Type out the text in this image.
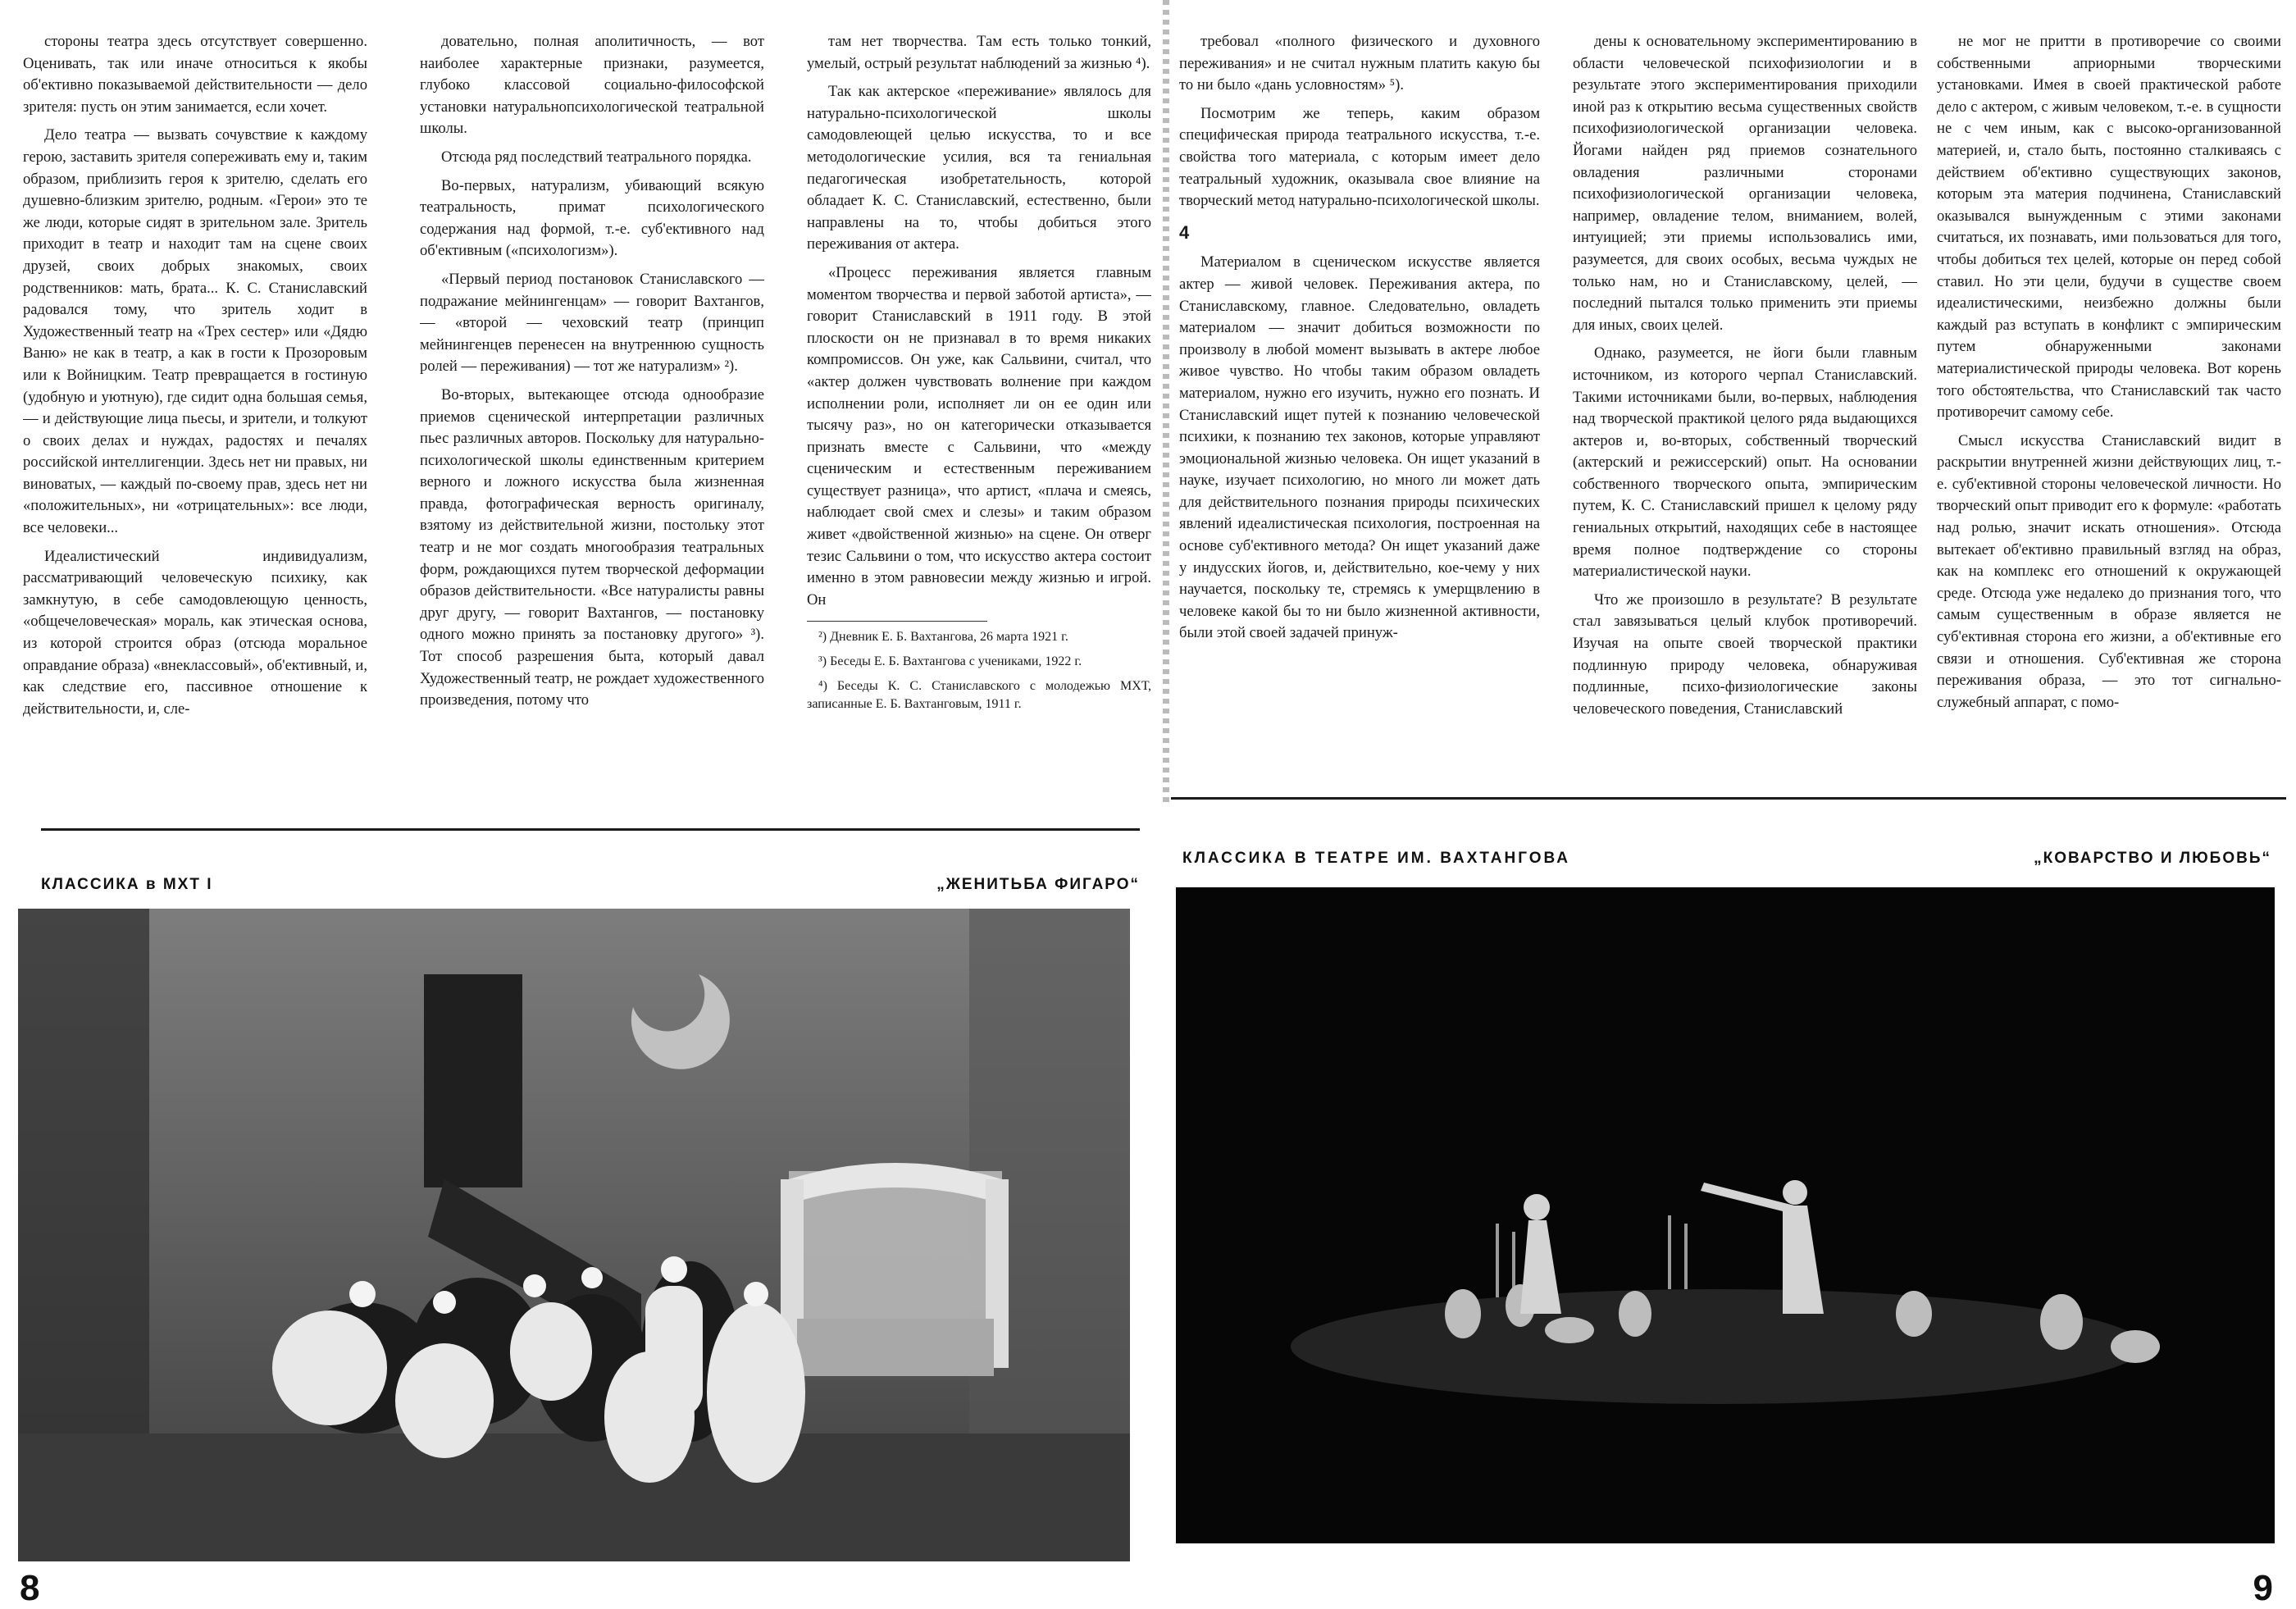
стороны театра здесь отсутствует совершенно. Оценивать, так или иначе относиться к якобы об'ективно показываемой действительности — дело зрителя: пусть он этим занимается, если хочет.

Дело театра — вызвать сочувствие к каждому герою, заставить зрителя сопереживать ему и, таким образом, приблизить героя к зрителю, сделать его душевно-близким зрителю, родным. «Герои» это те же люди, которые сидят в зрительном зале. Зритель приходит в театр и находит там на сцене своих друзей, своих добрых знакомых, своих родственников: мать, брата... К. С. Станиславский радовался тому, что зритель ходит в Художественный театр на «Трех сестер» или «Дядю Ваню» не как в театр, а как в гости к Прозоровым или к Войницким. Театр превращается в гостиную (удобную и уютную), где сидит одна большая семья, — и действующие лица пьесы, и зрители, и толкуют о своих делах и нуждах, радостях и печалях российской интеллигенции. Здесь нет ни правых, ни виноватых, — каждый по-своему прав, здесь нет ни «положительных», ни «отрицательных»: все люди, все человеки...

Идеалистический индивидуализм, рассматривающий человеческую психику, как замкнутую, в себе самодовлеющую ценность, «общечеловеческая» мораль, как этическая основа, из которой строится образ (отсюда моральное оправдание образа) «внеклассовый», об'ективный, и, как следствие его, пассивное отношение к действительности, и, сле-

довательно, полная аполитичность, — вот наиболее характерные признаки, разумеется, глубоко классовой социально-философской установки натуральнопсихологической театральной школы.

Отсюда ряд последствий театрального порядка.

Во-первых, натурализм, убивающий всякую театральность, примат психологического содержания над формой, т.-е. суб'ективного над об'ективным («психологизм»).

«Первый период постановок Станиславского — подражание мейнингенцам» — говорит Вахтангов, — «второй — чеховский театр (принцип мейнингенцев перенесен на внутреннюю сущность ролей — переживания) — тот же натурализм» ²).

Во-вторых, вытекающее отсюда однообразие приемов сценической интерпретации различных пьес различных авторов. Поскольку для натурально-психологической школы единственным критерием верного и ложного искусства была жизненная правда, фотографическая верность оригиналу, взятому из действительной жизни, постольку этот театр и не мог создать многообразия театральных форм, рождающихся путем творческой деформации образов действительности. «Все натуралисты равны друг другу, — говорит Вахтангов, — постановку одного можно принять за постановку другого» ³). Тот способ разрешения быта, который давал Художественный театр, не рождает художественного произведения, потому что

там нет творчества. Там есть только тонкий, умелый, острый результат наблюдений за жизнью ⁴).

Так как актерское «переживание» являлось для натурально-психологической школы самодовлеющей целью искусства, то и все методологические усилия, вся та гениальная педагогическая изобретательность, которой обладает К. С. Станиславский, естественно, были направлены на то, чтобы добиться этого переживания от актера.

«Процесс переживания является главным моментом творчества и первой заботой артиста», — говорит Станиславский в 1911 году. В этой плоскости он не признавал в то время никаких компромиссов. Он уже, как Сальвини, считал, что «актер должен чувствовать волнение при каждом исполнении роли, исполняет ли он ее один или тысячу раз», но он категорически отказывается признать вместе с Сальвини, что «между сценическим и естественным переживанием существует разница», что артист, «плача и смеясь, наблюдает свой смех и слезы» и таким образом живет «двойственной жизнью» на сцене. Он отверг тезис Сальвини о том, что искусство актера состоит именно в этом равновесии между жизнью и игрой. Он

²) Дневник Е. Б. Вахтангова, 26 марта 1921 г.

³) Беседы Е. Б. Вахтангова с учениками, 1922 г.

⁴) Беседы К. С. Станиславского с молодежью МХТ, записанные Е. Б. Вахтанговым, 1911 г.

КЛАССИКА в МХТ I	„ЖЕНИТЬБА ФИГАРО“
8

требовал «полного физического и духовного переживания» и не считал нужным платить какую бы то ни было «дань условностям» ⁵).

Посмотрим же теперь, каким образом специфическая природа театрального искусства, т.-е. свойства того материала, с которым имеет дело театральный художник, оказывала свое влияние на творческий метод натурально-психологической школы.

4

Материалом в сценическом искусстве является актер — живой человек. Переживания актера, по Станиславскому, главное. Следовательно, овладеть материалом — значит добиться возможности по произволу в любой момент вызывать в актере любое живое чувство. Но чтобы таким образом овладеть материалом, нужно его изучить, нужно его познать. И Станиславский ищет путей к познанию человеческой психики, к познанию тех законов, которые управляют эмоциональной жизнью человека. Он ищет указаний в науке, изучает психологию, но много ли может дать для действительного познания природы психических явлений идеалистическая психология, построенная на основе суб'ективного метода? Он ищет указаний даже у индусских йогов, и, действительно, кое-чему у них научается, поскольку те, стремясь к умерщвлению в человеке какой бы то ни было жизненной активности, были этой своей задачей принуж-

дены к основательному экспериментированию в области человеческой психофизиологии и в результате этого экспериментирования приходили иной раз к открытию весьма существенных свойств психофизиологической организации человека. Йогами найден ряд приемов сознательного овладения различными сторонами психофизиологической организации человека, например, овладение телом, вниманием, волей, интуицией; эти приемы использовались ими, разумеется, для своих особых, весьма чуждых не только нам, но и Станиславскому, целей, — последний пытался только применить эти приемы для иных, своих целей.

Однако, разумеется, не йоги были главным источником, из которого черпал Станиславский. Такими источниками были, во-первых, наблюдения над творческой практикой целого ряда выдающихся актеров и, во-вторых, собственный творческий (актерский и режиссерский) опыт. На основании собственного творческого опыта, эмпирическим путем, К. С. Станиславский пришел к целому ряду гениальных открытий, находящих себе в настоящее время полное подтверждение со стороны материалистической науки.

Что же произошло в результате? В результате стал завязываться целый клубок противоречий. Изучая на опыте своей творческой практики подлинную природу человека, обнаруживая подлинные, психо-физиологические законы человеческого поведения, Станиславский

не мог не притти в противоречие со своими собственными априорными творческими установками. Имея в своей практической работе дело с актером, с живым человеком, т.-е. в сущности не с чем иным, как с высоко-организованной материей, и, стало быть, постоянно сталкиваясь с действием об'ективно существующих законов, которым эта материя подчинена, Станиславский оказывался вынужденным с этими законами считаться, их познавать, ими пользоваться для того, чтобы добиться тех целей, которые он перед собой ставил. Но эти цели, будучи в существе своем идеалистическими, неизбежно должны были каждый раз вступать в конфликт с эмпирическим путем обнаруженными законами материалистической природы человека. Вот корень того обстоятельства, что Станиславский так часто противоречит самому себе.

Смысл искусства Станиславский видит в раскрытии внутренней жизни действующих лиц, т.-е. суб'ективной стороны человеческой личности. Но творческий опыт приводит его к формуле: «работать над ролью, значит искать отношения». Отсюда вытекает об'ективно правильный взгляд на образ, как на комплекс его отношений к окружающей среде. Отсюда уже недалеко до признания того, что самым существенным в образе является не суб'ективная сторона его жизни, а об'ективные его связи и отношения. Суб'ективная же сторона переживания образа, — это тот сигнально-служебный аппарат, с помо-

КЛАССИКА В ТЕАТРЕ ИМ. ВАХТАНГОВА	„КОВАРСТВО И ЛЮБОВЬ“
9
